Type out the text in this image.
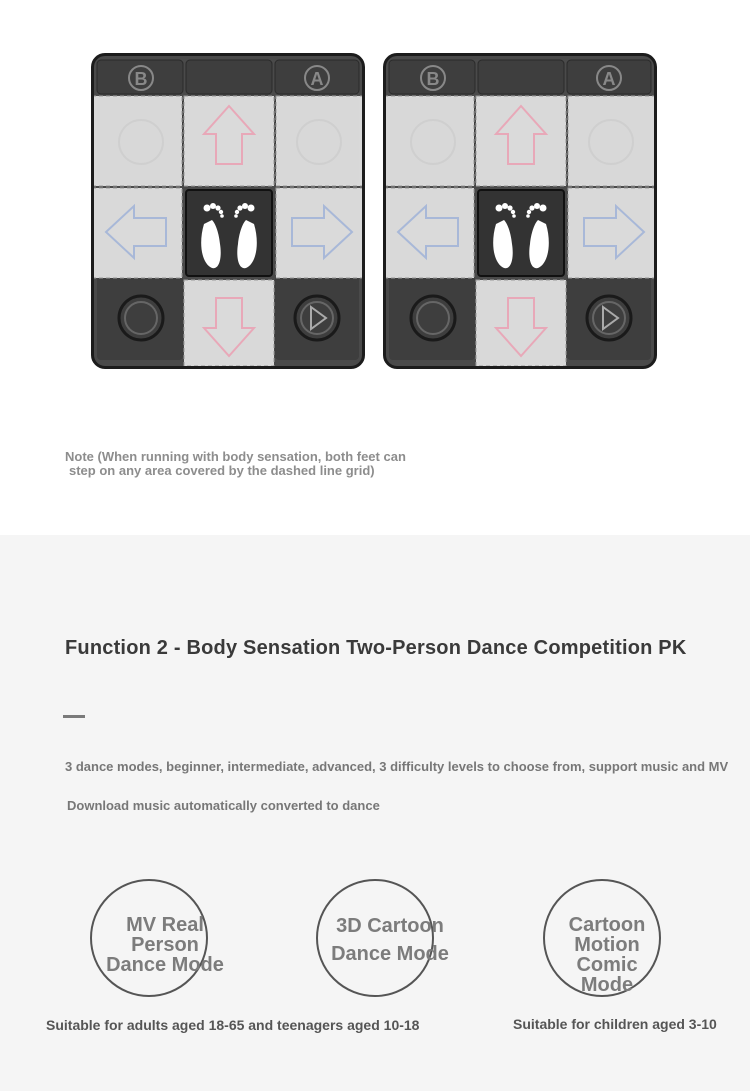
B	A	B	A
Note (When running with body sensation, both feet can
step on any area covered by the dashed line grid)
Function 2 - Body Sensation Two-Person Dance Competition PK
3 dance modes, beginner, intermediate, advanced, 3 difficulty levels to choose from, support music and MV
Download music automatically converted to dance
MV Real
Person
Dance Mode
3D Cartoon
Dance Mode
Cartoon
Motion
Comic
Mode
Suitable for adults aged 18-65 and teenagers aged 10-18	Suitable for children aged 3-10
